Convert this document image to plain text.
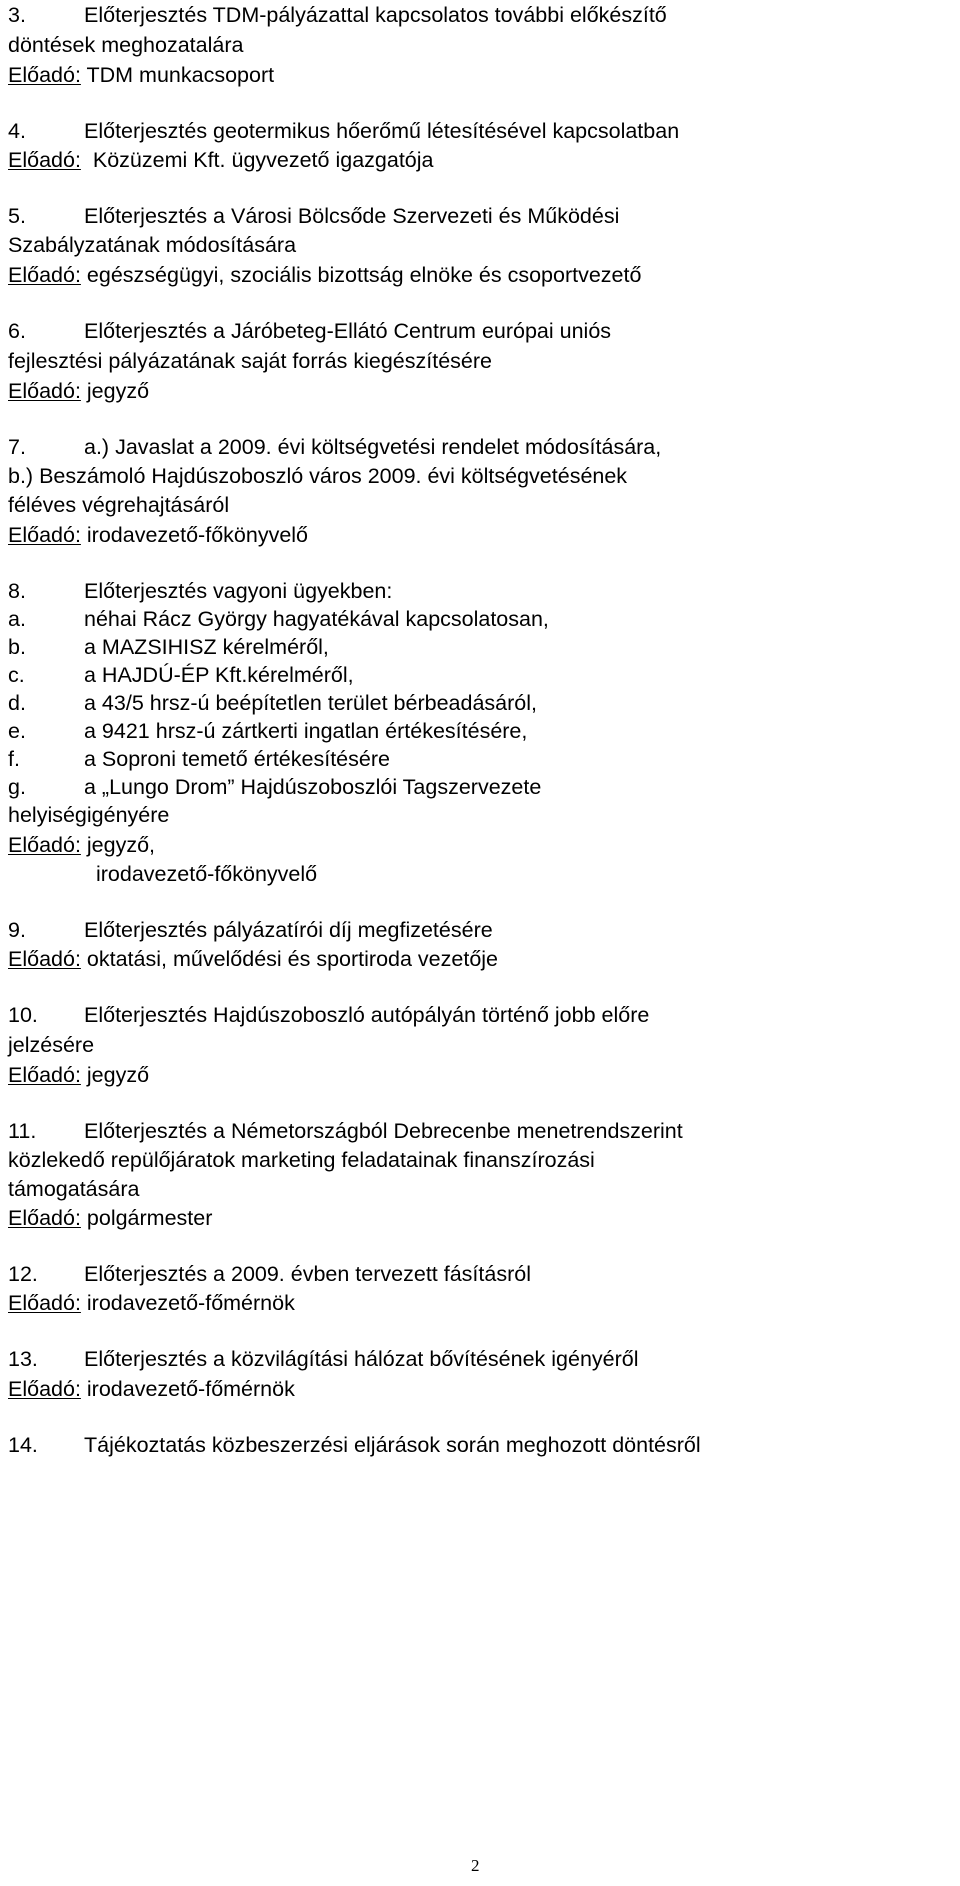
3.	Előterjesztés TDM-pályázattal kapcsolatos további előkészítő
döntések meghozatalára
Előadó: TDM munkacsoport
4.	Előterjesztés geotermikus hőerőmű létesítésével kapcsolatban
Előadó: Közüzemi Kft. ügyvezető igazgatója
5.	Előterjesztés a Városi Bölcsőde Szervezeti és Működési
Szabályzatának módosítására
Előadó: egészségügyi, szociális bizottság elnöke és csoportvezető
6.	Előterjesztés a Járóbeteg-Ellátó Centrum európai uniós
fejlesztési pályázatának saját forrás kiegészítésére
Előadó: jegyző
7.	a.) Javaslat a 2009. évi költségvetési rendelet módosítására,
b.) Beszámoló Hajdúszoboszló város 2009. évi költségvetésének
féléves végrehajtásáról
Előadó: irodavezető-főkönyvelő
8.	Előterjesztés vagyoni ügyekben:
a.	néhai Rácz György hagyatékával kapcsolatosan,
b.	a MAZSIHISZ kérelméről,
c.	a HAJDÚ-ÉP Kft.kérelméről,
d.	a 43/5 hrsz-ú beépítetlen terület bérbeadásáról,
e.	a 9421 hrsz-ú zártkerti ingatlan értékesítésére,
f.	a Soproni temető értékesítésére
g.	a „Lungo Drom” Hajdúszoboszlói Tagszervezete
helyiségigényére
Előadó: jegyző,
irodavezető-főkönyvelő
9.	Előterjesztés pályázatírói díj megfizetésére
Előadó: oktatási, művelődési és sportiroda vezetője
10. Előterjesztés Hajdúszoboszló autópályán történő jobb előre
jelzésére
Előadó: jegyző
11. Előterjesztés a Németországból Debrecenbe menetrendszerint
közlekedő repülőjáratok marketing feladatainak finanszírozási
támogatására
Előadó: polgármester
12. Előterjesztés a 2009. évben tervezett fásításról
Előadó: irodavezető-főmérnök
13. Előterjesztés a közvilágítási hálózat bővítésének igényéről
Előadó: irodavezető-főmérnök
14. Tájékoztatás közbeszerzési eljárások során meghozott döntésről
2
